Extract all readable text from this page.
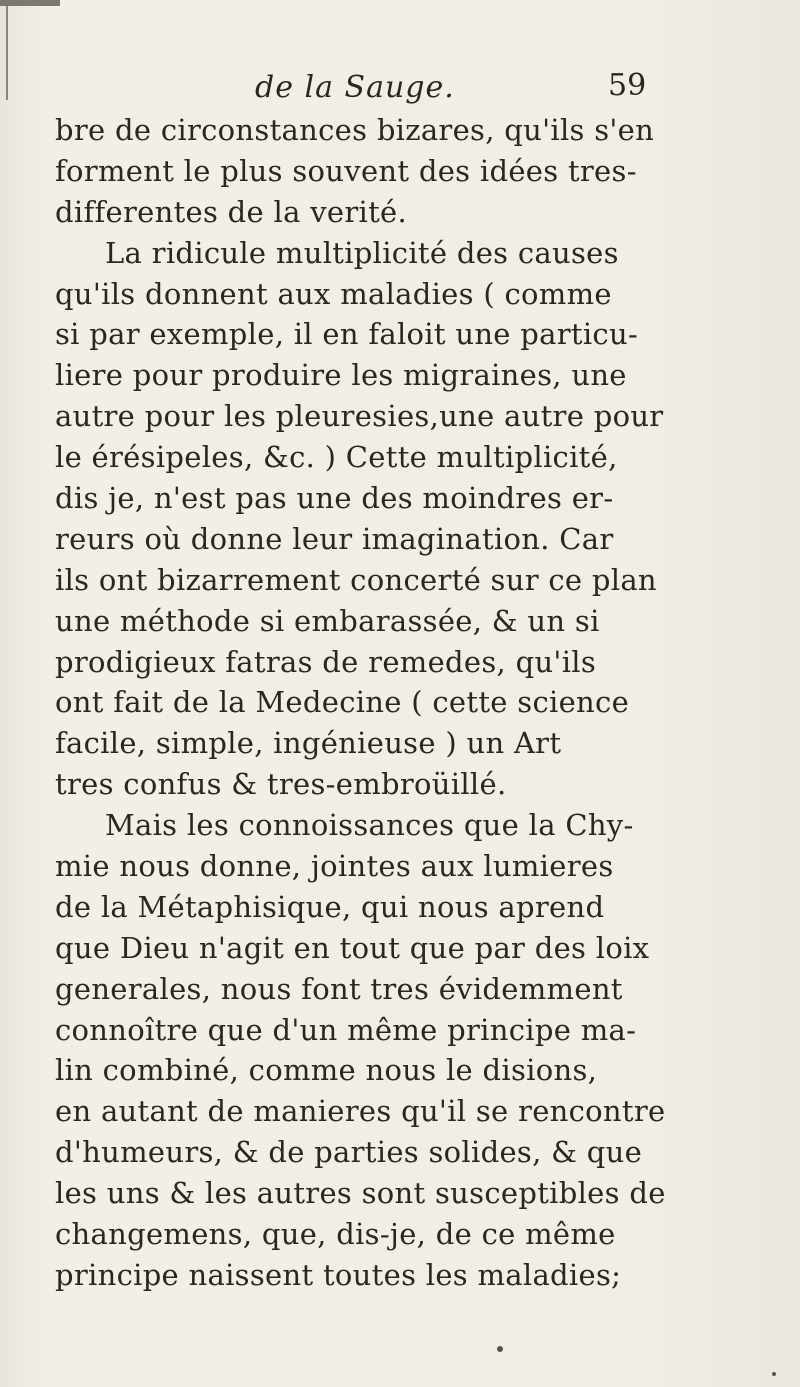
de la Sauge.	59
bre de circonstances bizares, qu'ils s'en
forment le plus souvent des idées tres-
differentes de la verité.
La ridicule multiplicité des causes
qu'ils donnent aux maladies ( comme
si par exemple, il en faloit une particu-
liere pour produire les migraines, une
autre pour les pleuresies,une autre pour
le érésipeles, &c. ) Cette multiplicité,
dis je, n'est pas une des moindres er-
reurs où donne leur imagination. Car
ils ont bizarrement concerté sur ce plan
une méthode si embarassée, & un si
prodigieux fatras de remedes, qu'ils
ont fait de la Medecine ( cette science
facile, simple, ingénieuse ) un Art
tres confus & tres-embroüillé.
Mais les connoissances que la Chy-
mie nous donne, jointes aux lumieres
de la Métaphisique, qui nous aprend
que Dieu n'agit en tout que par des loix
generales, nous font tres évidemment
connoître que d'un même principe ma-
lin combiné, comme nous le disions,
en autant de manieres qu'il se rencontre
d'humeurs, & de parties solides, & que
les uns & les autres sont susceptibles de
changemens, que, dis-je, de ce même
principe naissent toutes les maladies;
